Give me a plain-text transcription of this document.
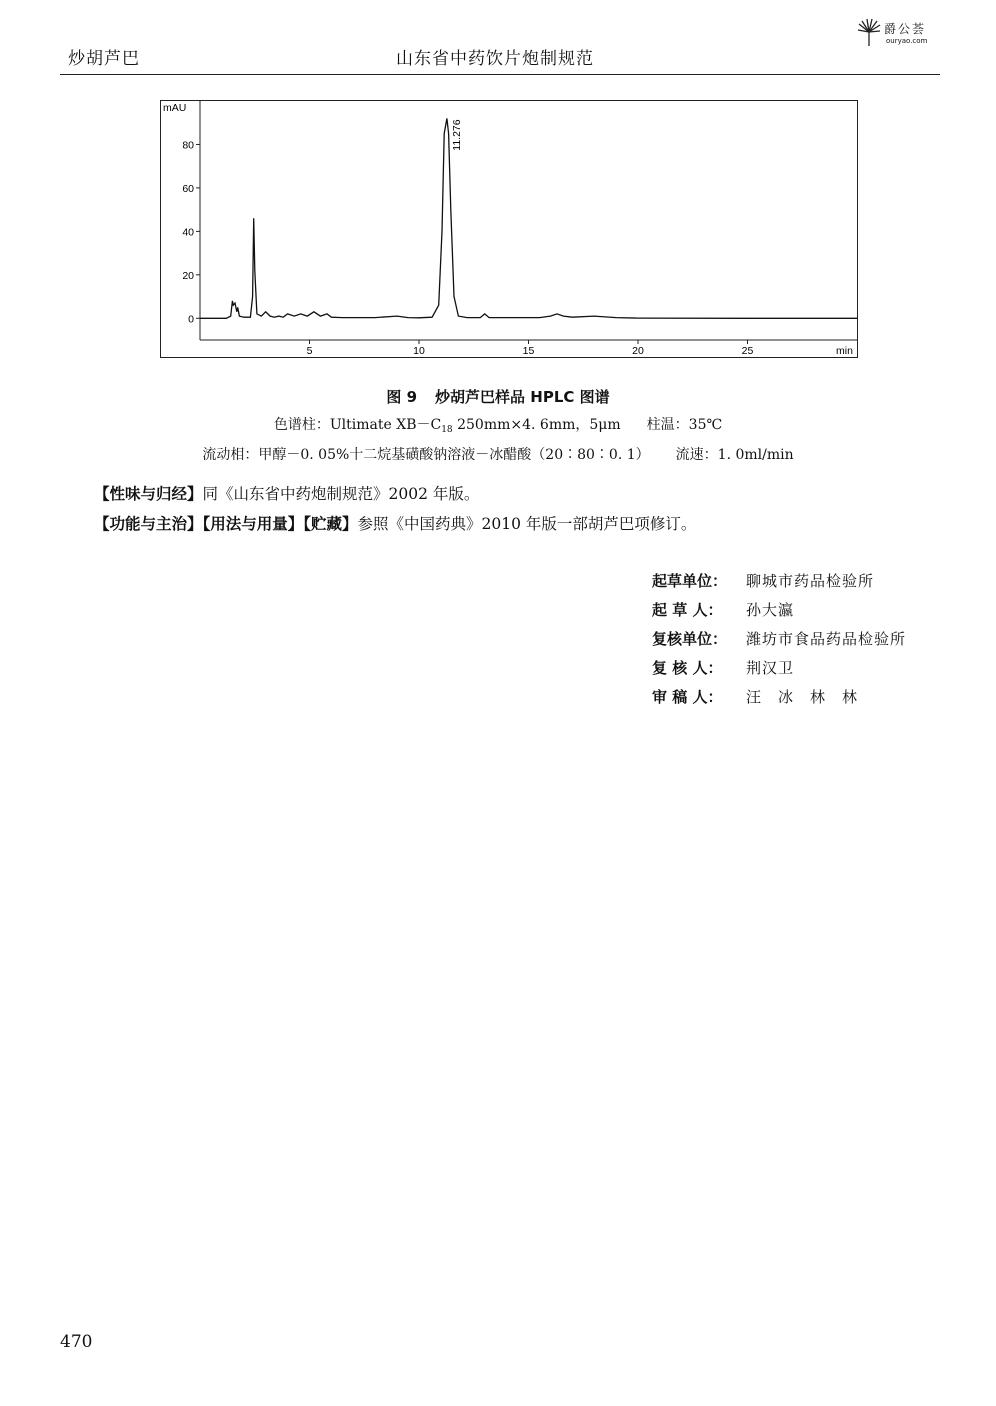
炒胡芦巴	山东省中药饮片炮制规范
爵公荟
ouryao.com
mAU
min
0
20
40
60
80
5	10	15	20	25
11.276
图 9 炒胡芦巴样品 HPLC 图谱
色谱柱：Ultimate $XB-C_{18}$ 250mm×4. 6mm，5μm 柱温：35℃
流动相：甲醇－0. 05%十二烷基磺酸钠溶液－冰醋酸（20∶80∶0. 1） 流速：1. 0ml/min
【性味与归经】同《山东省中药炮制规范》2002 年版。
【功能与主治】【用法与用量】【贮藏】参照《中国药典》2010 年版一部胡芦巴项修订。
起草单位： 聊城市药品检验所
起 草 人： 孙大瀛
复核单位： 潍坊市食品药品检验所
复 核 人： 荆汉卫
审 稿 人： 汪　冰　林　林
470
